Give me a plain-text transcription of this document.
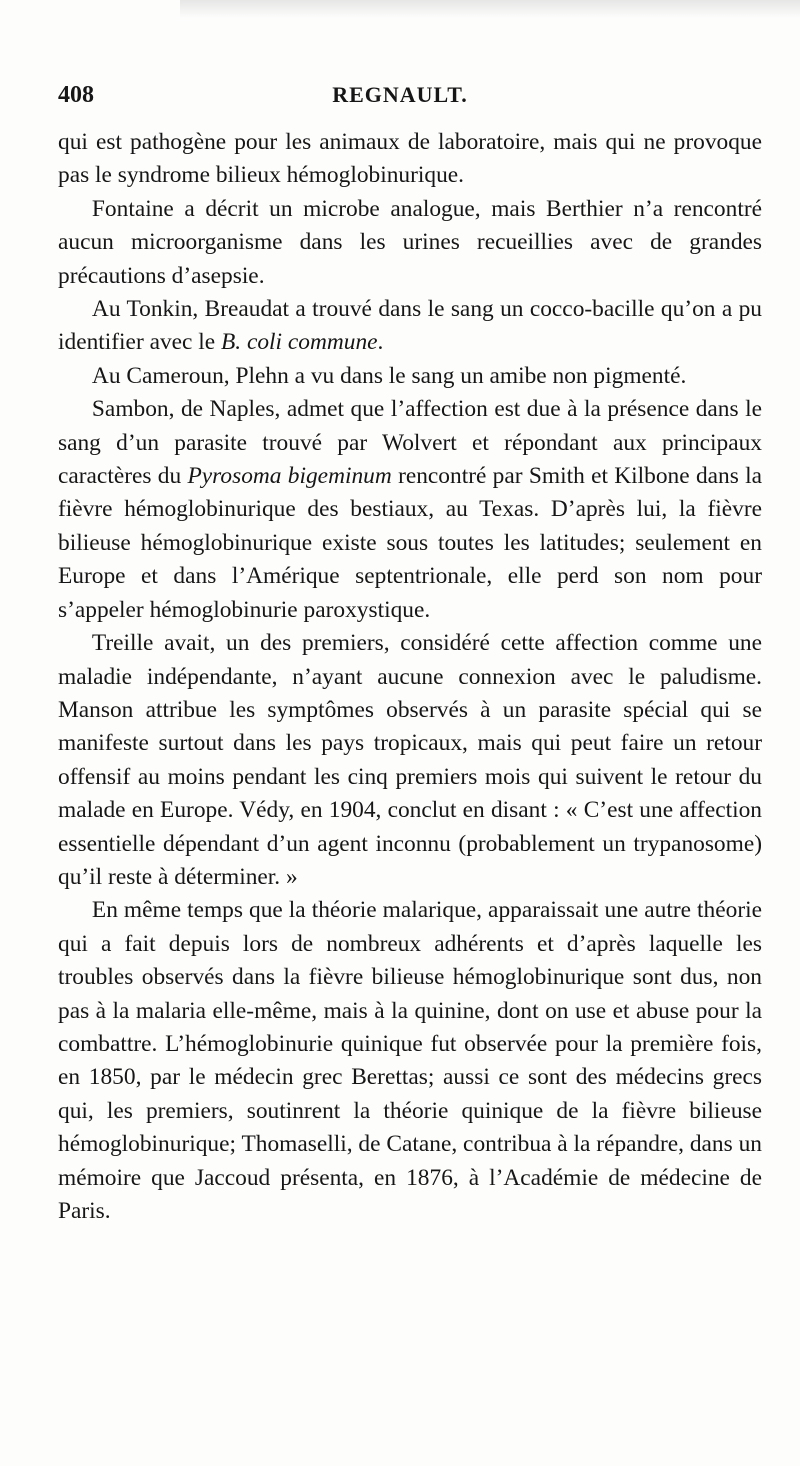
408	REGNAULT.

qui est pathogène pour les animaux de laboratoire, mais qui ne provoque pas le syndrome bilieux hémoglobinurique.

Fontaine a décrit un microbe analogue, mais Berthier n’a rencontré aucun microorganisme dans les urines recueillies avec de grandes précautions d’asepsie.

Au Tonkin, Breaudat a trouvé dans le sang un cocco-bacille qu’on a pu identifier avec le B. coli commune.

Au Cameroun, Plehn a vu dans le sang un amibe non pigmenté.

Sambon, de Naples, admet que l’affection est due à la présence dans le sang d’un parasite trouvé par Wolvert et répondant aux principaux caractères du Pyrosoma bigeminum rencontré par Smith et Kilbone dans la fièvre hémoglobinurique des bestiaux, au Texas. D’après lui, la fièvre bilieuse hémoglobinurique existe sous toutes les latitudes; seulement en Europe et dans l’Amérique septentrionale, elle perd son nom pour s’appeler hémoglobinurie paroxystique.

Treille avait, un des premiers, considéré cette affection comme une maladie indépendante, n’ayant aucune connexion avec le paludisme. Manson attribue les symptômes observés à un parasite spécial qui se manifeste surtout dans les pays tropicaux, mais qui peut faire un retour offensif au moins pendant les cinq premiers mois qui suivent le retour du malade en Europe. Védy, en 1904, conclut en disant : « C’est une affection essentielle dépendant d’un agent inconnu (probablement un trypanosome) qu’il reste à déterminer. »

En même temps que la théorie malarique, apparaissait une autre théorie qui a fait depuis lors de nombreux adhérents et d’après laquelle les troubles observés dans la fièvre bilieuse hémoglobinurique sont dus, non pas à la malaria elle-même, mais à la quinine, dont on use et abuse pour la combattre. L’hémoglobinurie quinique fut observée pour la première fois, en 1850, par le médecin grec Berettas; aussi ce sont des médecins grecs qui, les premiers, soutinrent la théorie quinique de la fièvre bilieuse hémoglobinurique; Thomaselli, de Catane, contribua à la répandre, dans un mémoire que Jaccoud présenta, en 1876, à l’Académie de médecine de Paris.
